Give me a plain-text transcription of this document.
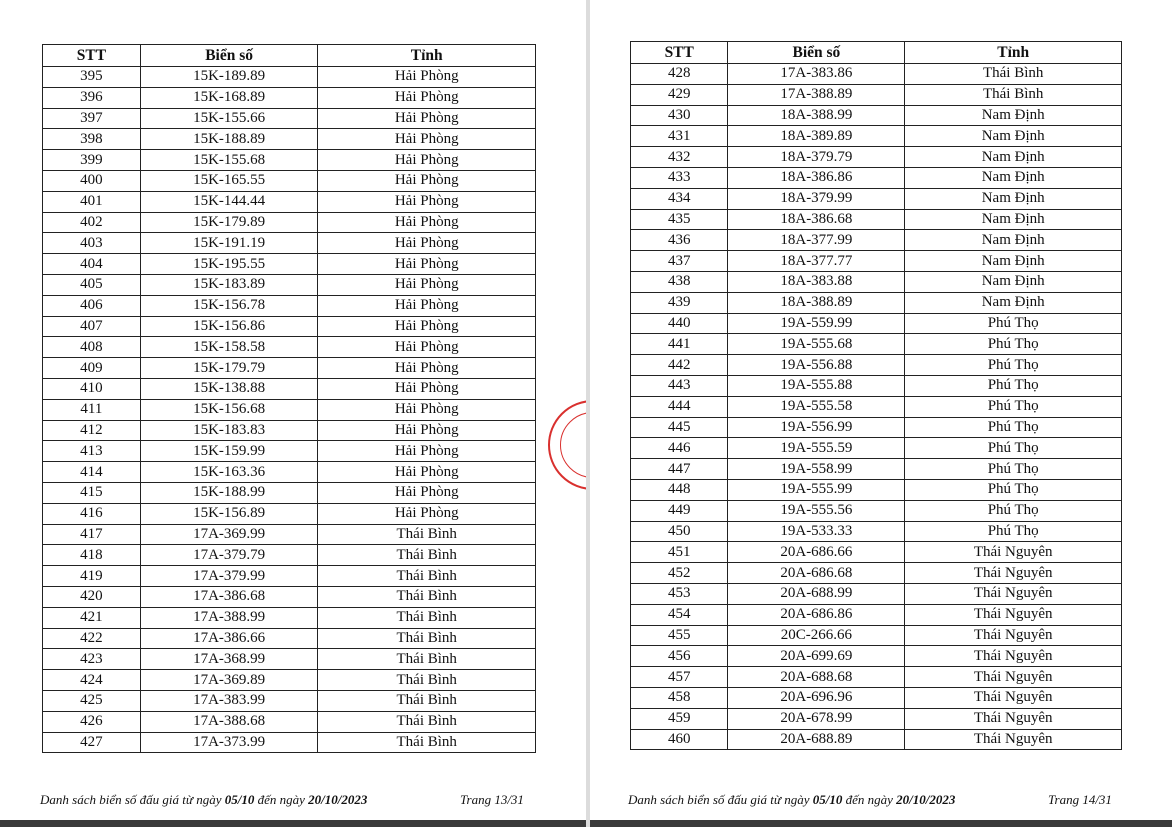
STT	Biển số	Tỉnh
395	15K-189.89	Hải Phòng
396	15K-168.89	Hải Phòng
397	15K-155.66	Hải Phòng
398	15K-188.89	Hải Phòng
399	15K-155.68	Hải Phòng
400	15K-165.55	Hải Phòng
401	15K-144.44	Hải Phòng
402	15K-179.89	Hải Phòng
403	15K-191.19	Hải Phòng
404	15K-195.55	Hải Phòng
405	15K-183.89	Hải Phòng
406	15K-156.78	Hải Phòng
407	15K-156.86	Hải Phòng
408	15K-158.58	Hải Phòng
409	15K-179.79	Hải Phòng
410	15K-138.88	Hải Phòng
411	15K-156.68	Hải Phòng
412	15K-183.83	Hải Phòng
413	15K-159.99	Hải Phòng
414	15K-163.36	Hải Phòng
415	15K-188.99	Hải Phòng
416	15K-156.89	Hải Phòng
417	17A-369.99	Thái Bình
418	17A-379.79	Thái Bình
419	17A-379.99	Thái Bình
420	17A-386.68	Thái Bình
421	17A-388.99	Thái Bình
422	17A-386.66	Thái Bình
423	17A-368.99	Thái Bình
424	17A-369.89	Thái Bình
425	17A-383.99	Thái Bình
426	17A-388.68	Thái Bình
427	17A-373.99	Thái Bình
Danh sách biển số đấu giá từ ngày 05/10 đến ngày 20/10/2023	Trang 13/31
STT	Biển số	Tỉnh
428	17A-383.86	Thái Bình
429	17A-388.89	Thái Bình
430	18A-388.99	Nam Định
431	18A-389.89	Nam Định
432	18A-379.79	Nam Định
433	18A-386.86	Nam Định
434	18A-379.99	Nam Định
435	18A-386.68	Nam Định
436	18A-377.99	Nam Định
437	18A-377.77	Nam Định
438	18A-383.88	Nam Định
439	18A-388.89	Nam Định
440	19A-559.99	Phú Thọ
441	19A-555.68	Phú Thọ
442	19A-556.88	Phú Thọ
443	19A-555.88	Phú Thọ
444	19A-555.58	Phú Thọ
445	19A-556.99	Phú Thọ
446	19A-555.59	Phú Thọ
447	19A-558.99	Phú Thọ
448	19A-555.99	Phú Thọ
449	19A-555.56	Phú Thọ
450	19A-533.33	Phú Thọ
451	20A-686.66	Thái Nguyên
452	20A-686.68	Thái Nguyên
453	20A-688.99	Thái Nguyên
454	20A-686.86	Thái Nguyên
455	20C-266.66	Thái Nguyên
456	20A-699.69	Thái Nguyên
457	20A-688.68	Thái Nguyên
458	20A-696.96	Thái Nguyên
459	20A-678.99	Thái Nguyên
460	20A-688.89	Thái Nguyên
Danh sách biển số đấu giá từ ngày 05/10 đến ngày 20/10/2023	Trang 14/31
